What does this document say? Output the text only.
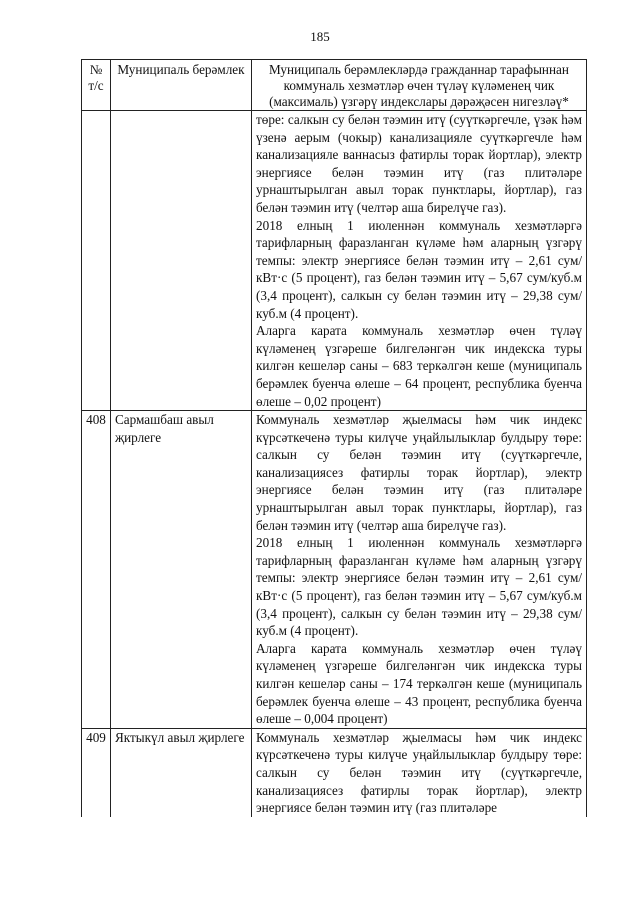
185
№ т/с	Муниципаль берәмлек	Муниципаль берәмлекләрдә гражданнар тарафыннан коммуналь хезмәтләр өчен түләү күләменең чик (максималь) үзгәрү индекслары дәрәҗәсен нигезләү*

		төре: салкын су белән тәэмин итү (суүткәргечле, үзәк һәм үзенә аерым (чокыр) канализацияле суүткәргечле һәм канализацияле ваннасыз фатирлы торак йортлар), электр энергиясе белән тәэмин итү (газ плитәләре урнаштырылган авыл торак пунктлары, йортлар), газ белән тәэмин итү (челтәр аша бирелүче газ).

2018 елның 1 июленнән коммуналь хезмәтләргә тарифларның фаразланган күләме һәм аларның үзгәрү темпы: электр энергиясе белән тәэмин итү – 2,61 сум/кВт·с (5 процент), газ белән тәэмин итү – 5,67 сум/куб.м (3,4 процент), салкын су белән тәэмин итү – 29,38 сум/куб.м (4 процент).

Аларга карата коммуналь хезмәтләр өчен түләү күләменең үзгәреше билгеләнгән чик индекска туры килгән кешеләр саны – 683 теркәлгән кеше (муниципаль берәмлек буенча өлеше – 64 процент, республика буенча өлеше – 0,02 процент)

408	Сармашбаш авыл җирлеге	Коммуналь хезмәтләр җыелмасы һәм чик индекс күрсәткеченә туры килүче уңайлылыклар булдыру төре: салкын су белән тәэмин итү (суүткәргечле, канализациясез фатирлы торак йортлар), электр энергиясе белән тәэмин итү (газ плитәләре урнаштырылган авыл торак пунктлары, йортлар), газ белән тәэмин итү (челтәр аша бирелүче газ).

2018 елның 1 июленнән коммуналь хезмәтләргә тарифларның фаразланган күләме һәм аларның үзгәрү темпы: электр энергиясе белән тәэмин итү – 2,61 сум/кВт·с (5 процент), газ белән тәэмин итү – 5,67 сум/куб.м (3,4 процент), салкын су белән тәэмин итү – 29,38 сум/куб.м (4 процент).

Аларга карата коммуналь хезмәтләр өчен түләү күләменең үзгәреше билгеләнгән чик индекска туры килгән кешеләр саны – 174 теркәлгән кеше (муниципаль берәмлек буенча өлеше – 43 процент, республика буенча өлеше – 0,004 процент)

409	Яктыкүл авыл җирлеге	Коммуналь хезмәтләр җыелмасы һәм чик индекс күрсәткеченә туры килүче уңайлылыклар булдыру төре: салкын су белән тәэмин итү (суүткәргечле, канализациясез фатирлы торак йортлар), электр энергиясе белән тәэмин итү (газ плитәләре
